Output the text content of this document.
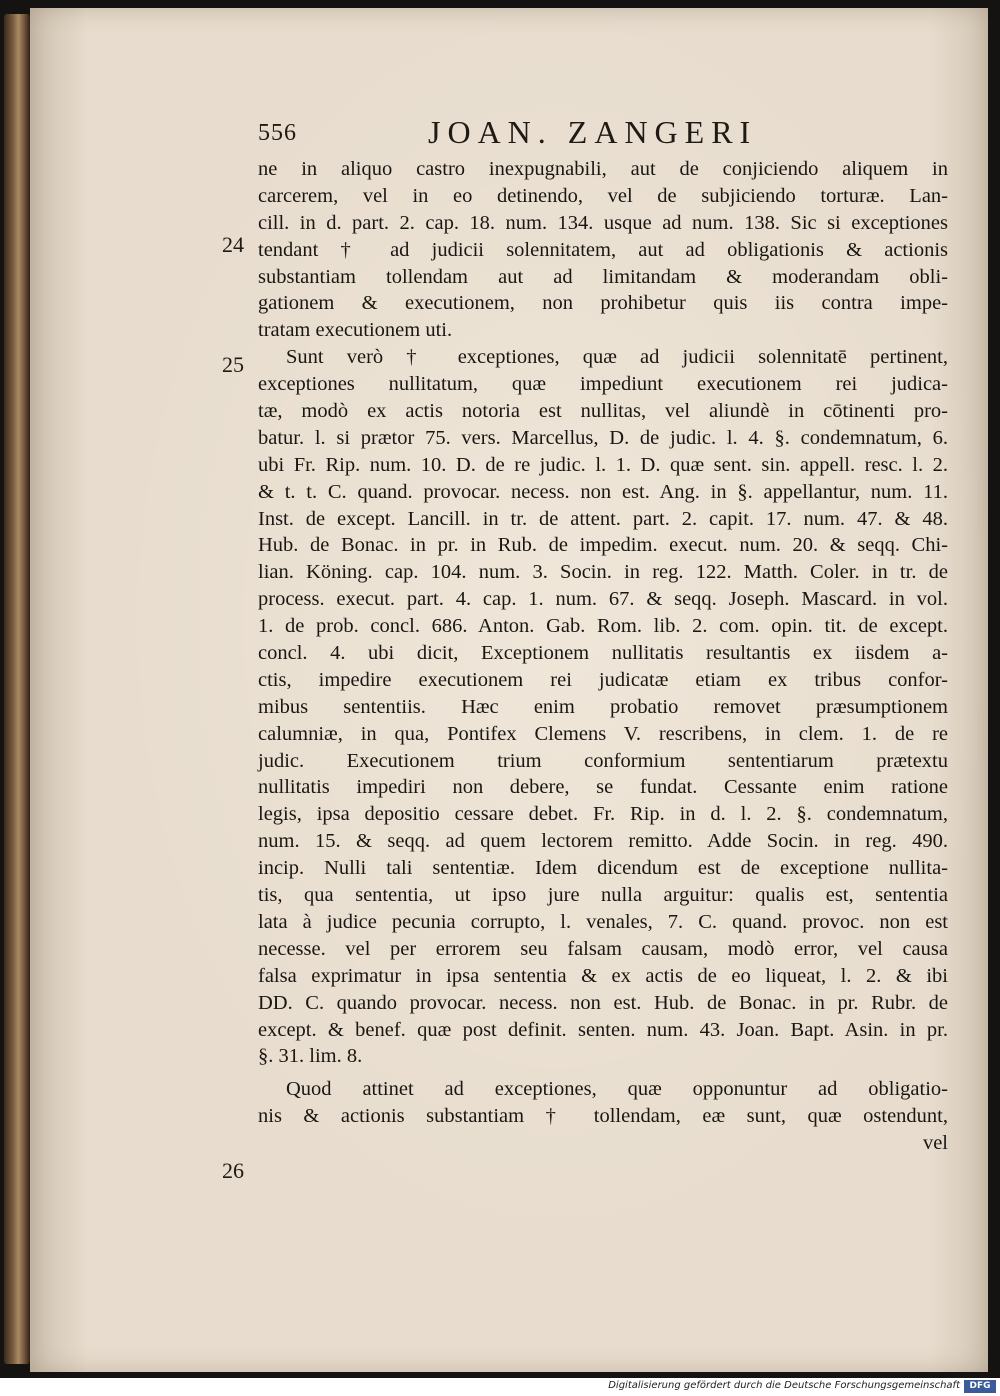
556	JOAN. ZANGERI
24
25
26
ne in aliquo castro inexpugnabili, aut de conjiciendo aliquem in
carcerem, vel in eo detinendo, vel de subjiciendo torturæ. Lan-
cill. in d. part. 2. cap. 18. num. 134. usque ad num. 138. Sic si exceptiones
tendant † ad judicii solennitatem, aut ad obligationis & actionis
substantiam tollendam aut ad limitandam & moderandam obli-
gationem & executionem, non prohibetur quis iis contra impe-
tratam executionem uti.
Sunt verò † exceptiones, quæ ad judicii solennitatē pertinent,
exceptiones nullitatum, quæ impediunt executionem rei judica-
tæ, modò ex actis notoria est nullitas, vel aliundè in cōtinenti pro-
batur. l. si prætor 75. vers. Marcellus, D. de judic. l. 4. §. condemnatum, 6.
ubi Fr. Rip. num. 10. D. de re judic. l. 1. D. quæ sent. sin. appell. resc. l. 2.
& t. t. C. quand. provocar. necess. non est. Ang. in §. appellantur, num. 11.
Inst. de except. Lancill. in tr. de attent. part. 2. capit. 17. num. 47. & 48.
Hub. de Bonac. in pr. in Rub. de impedim. execut. num. 20. & seqq. Chi-
lian. Köning. cap. 104. num. 3. Socin. in reg. 122. Matth. Coler. in tr. de
process. execut. part. 4. cap. 1. num. 67. & seqq. Joseph. Mascard. in vol.
1. de prob. concl. 686. Anton. Gab. Rom. lib. 2. com. opin. tit. de except.
concl. 4. ubi dicit, Exceptionem nullitatis resultantis ex iisdem a-
ctis, impedire executionem rei judicatæ etiam ex tribus confor-
mibus sententiis. Hæc enim probatio removet præsumptionem
calumniæ, in qua, Pontifex Clemens V. rescribens, in clem. 1. de re
judic. Executionem trium conformium sententiarum prætextu
nullitatis impediri non debere, se fundat. Cessante enim ratione
legis, ipsa depositio cessare debet. Fr. Rip. in d. l. 2. §. condemnatum,
num. 15. & seqq. ad quem lectorem remitto. Adde Socin. in reg. 490.
incip. Nulli tali sententiæ. Idem dicendum est de exceptione nullita-
tis, qua sententia, ut ipso jure nulla arguitur: qualis est, sententia
lata à judice pecunia corrupto, l. venales, 7. C. quand. provoc. non est
necesse. vel per errorem seu falsam causam, modò error, vel causa
falsa exprimatur in ipsa sententia & ex actis de eo liqueat, l. 2. & ibi
DD. C. quando provocar. necess. non est. Hub. de Bonac. in pr. Rubr. de
except. & benef. quæ post definit. senten. num. 43. Joan. Bapt. Asin. in pr.
§. 31. lim. 8.
Quod attinet ad exceptiones, quæ opponuntur ad obligatio-
nis & actionis substantiam † tollendam, eæ sunt, quæ ostendunt,
vel
Digitalisierung gefördert durch die Deutsche Forschungsgemeinschaft	DFG
